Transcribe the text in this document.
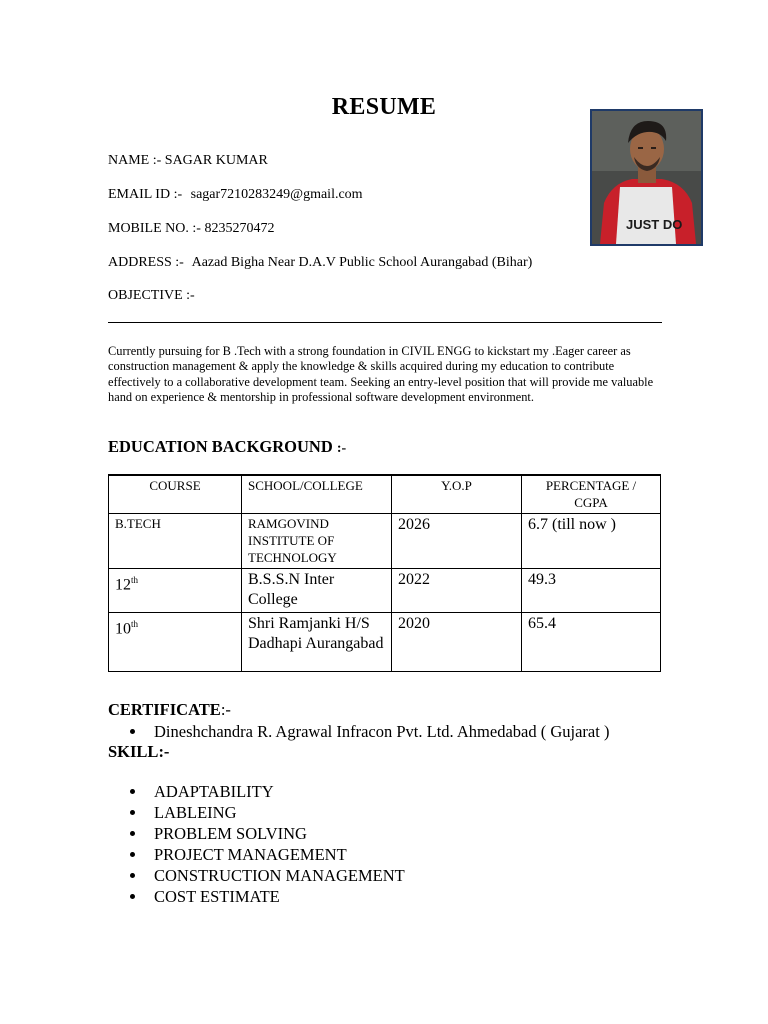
RESUME
JUST DO
NAME :- SAGAR KUMAR
EMAIL ID :- sagar7210283249@gmail.com
MOBILE NO. :- 8235270472
ADDRESS :- Aazad Bigha Near D.A.V Public School Aurangabad (Bihar)
OBJECTIVE :-
Currently pursuing for B .Tech with a strong foundation in CIVIL ENGG to kickstart my .Eager career as construction management & apply the knowledge & skills acquired during my education to contribute effectively to a collaborative development team. Seeking an entry-level position that will provide me valuable hand on experience & mentorship in professional software development environment.
EDUCATION BACKGROUND :-
COURSE	SCHOOL/COLLEGE	Y.O.P	PERCENTAGE / CGPA
B.TECH	RAMGOVIND INSTITUTE OF TECHNOLOGY	2026	6.7 (till now )
12th	B.S.S.N Inter College	2022	49.3
10th	Shri Ramjanki H/S Dadhapi Aurangabad	2020	65.4
CERTIFICATE:-
Dineshchandra R. Agrawal Infracon Pvt. Ltd. Ahmedabad ( Gujarat )
SKILL:-
ADAPTABILITY
LABLEING
PROBLEM SOLVING
PROJECT MANAGEMENT
CONSTRUCTION MANAGEMENT
COST ESTIMATE
